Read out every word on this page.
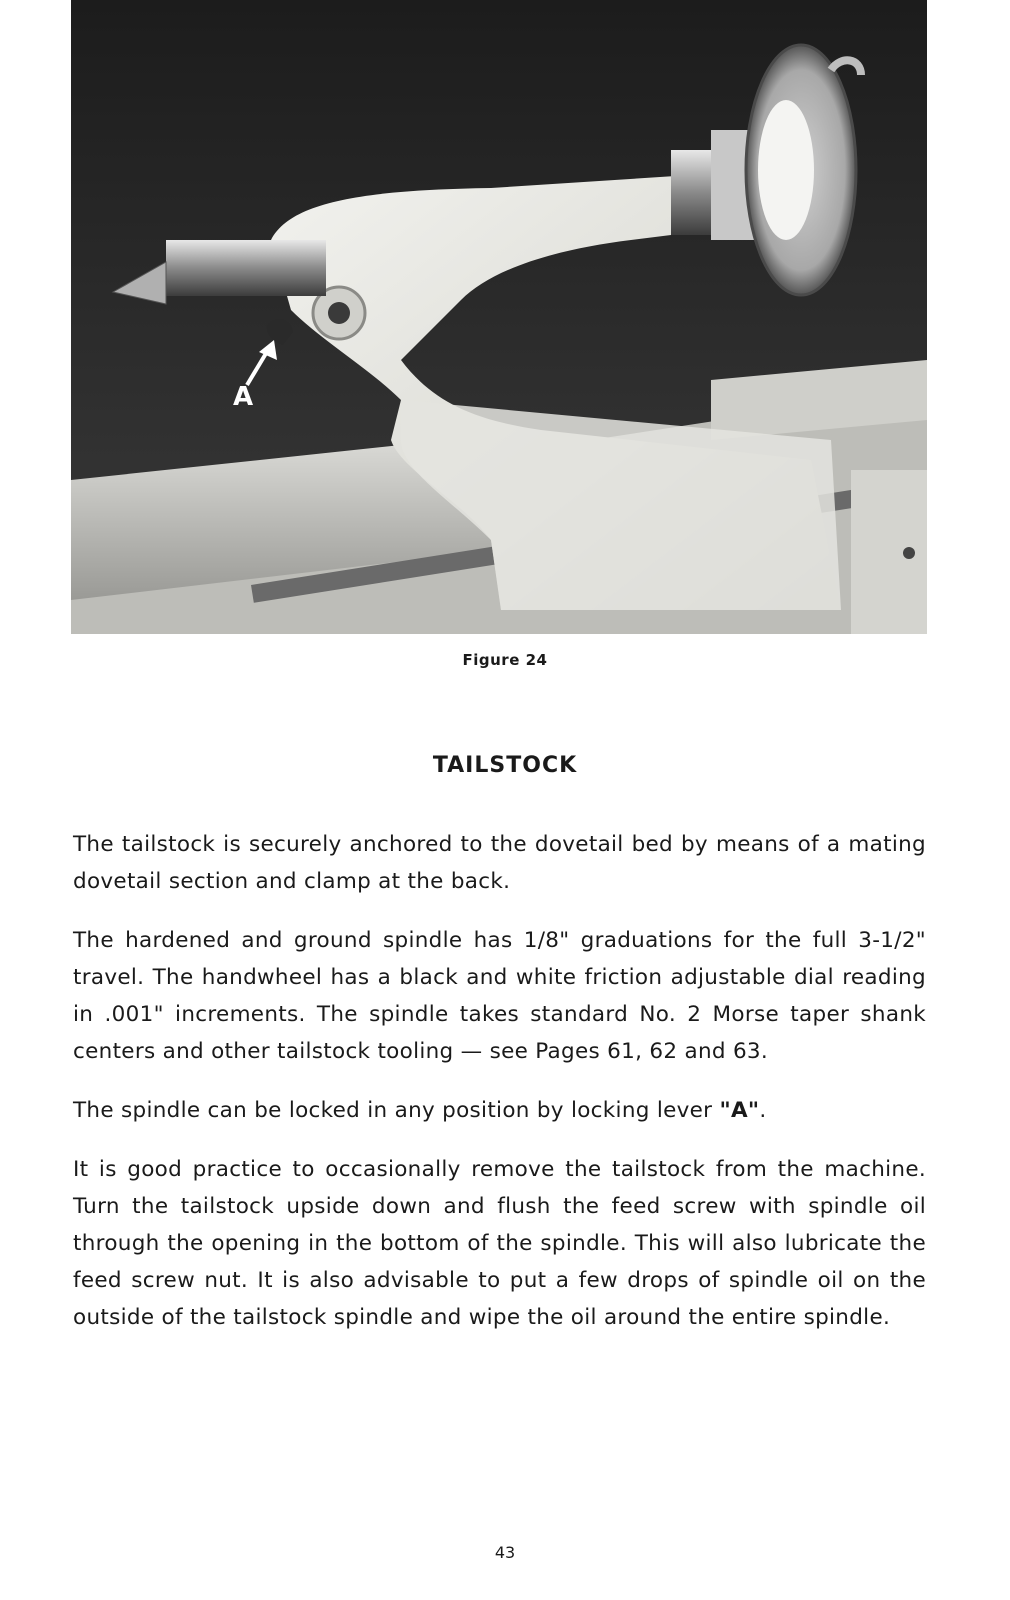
A
Figure 24
TAILSTOCK

The tailstock is securely anchored to the dovetail bed by means of a mating dovetail section and clamp at the back.

The hardened and ground spindle has 1/8" graduations for the full 3-1/2" travel. The handwheel has a black and white friction adjustable dial reading in .001" increments. The spindle takes standard No. 2 Morse taper shank centers and other tailstock tooling — see Pages 61, 62 and 63.

The spindle can be locked in any position by locking lever "A".

It is good practice to occasionally remove the tailstock from the machine. Turn the tailstock upside down and flush the feed screw with spindle oil through the opening in the bottom of the spindle. This will also lubricate the feed screw nut. It is also advisable to put a few drops of spindle oil on the outside of the tailstock spindle and wipe the oil around the entire spindle.

43
